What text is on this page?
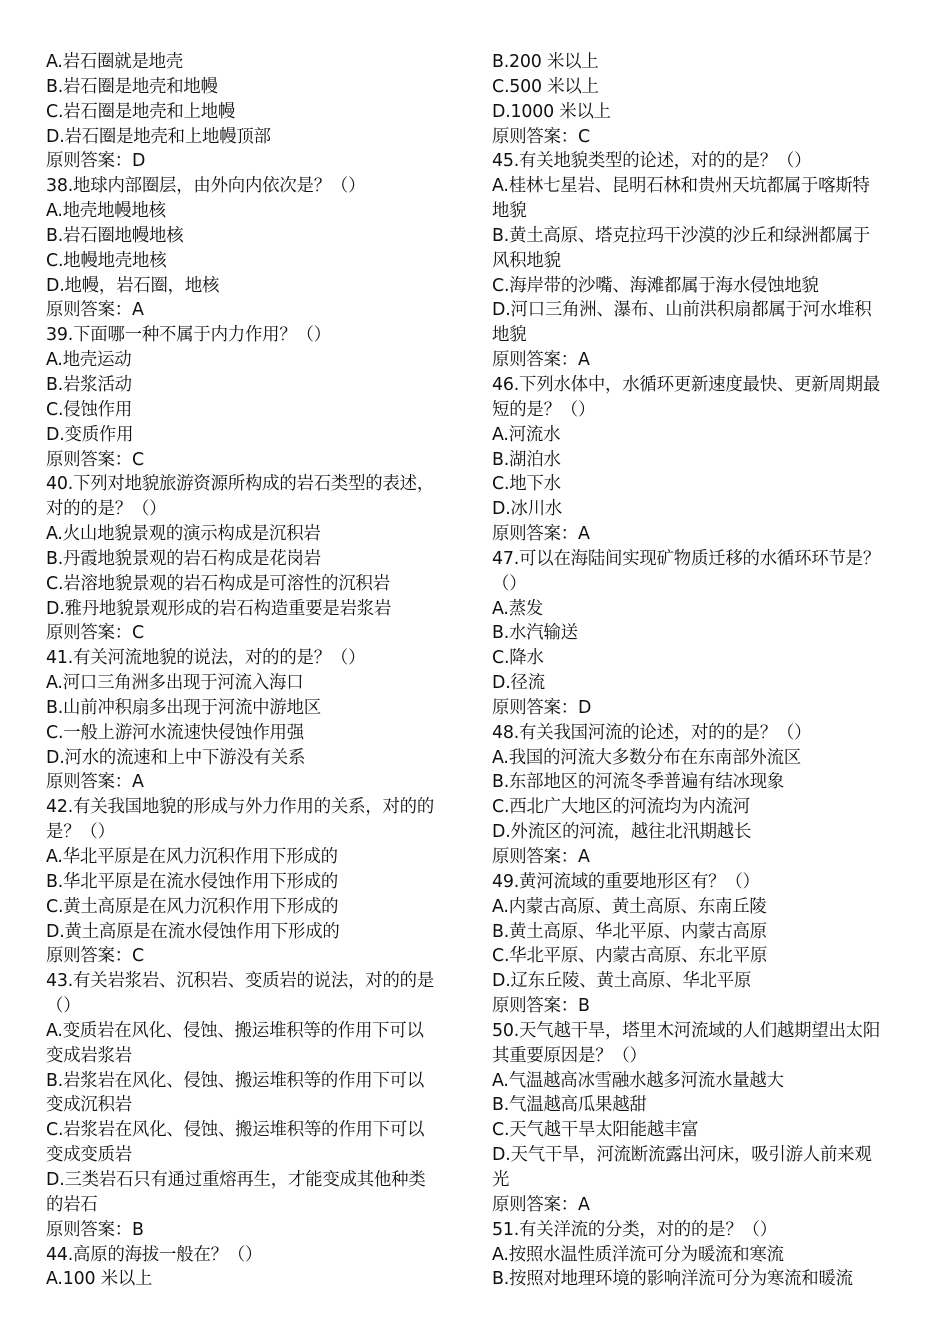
A.岩石圈就是地壳
B.岩石圈是地壳和地幔
C.岩石圈是地壳和上地幔
D.岩石圈是地壳和上地幔顶部
原则答案：D
38.地球内部圈层，由外向内依次是？（）
A.地壳地幔地核
B.岩石圈地幔地核
C.地幔地壳地核
D.地幔，岩石圈，地核
原则答案：A
39.下面哪一种不属于内力作用？（）
A.地壳运动
B.岩浆活动
C.侵蚀作用
D.变质作用
原则答案：C
40.下列对地貌旅游资源所构成的岩石类型的表述，
对的的是？（）
A.火山地貌景观的演示构成是沉积岩
B.丹霞地貌景观的岩石构成是花岗岩
C.岩溶地貌景观的岩石构成是可溶性的沉积岩
D.雅丹地貌景观形成的岩石构造重要是岩浆岩
原则答案：C
41.有关河流地貌的说法，对的的是？（）
A.河口三角洲多出现于河流入海口
B.山前冲积扇多出现于河流中游地区
C.一般上游河水流速快侵蚀作用强
D.河水的流速和上中下游没有关系
原则答案：A
42.有关我国地貌的形成与外力作用的关系，对的的
是？（）
A.华北平原是在风力沉积作用下形成的
B.华北平原是在流水侵蚀作用下形成的
C.黄土高原是在风力沉积作用下形成的
D.黄土高原是在流水侵蚀作用下形成的
原则答案：C
43.有关岩浆岩、沉积岩、变质岩的说法，对的的是
（）
A.变质岩在风化、侵蚀、搬运堆积等的作用下可以
变成岩浆岩
B.岩浆岩在风化、侵蚀、搬运堆积等的作用下可以
变成沉积岩
C.岩浆岩在风化、侵蚀、搬运堆积等的作用下可以
变成变质岩
D.三类岩石只有通过重熔再生，才能变成其他种类
的岩石
原则答案：B
44.高原的海拔一般在？（）
A.100 米以上
B.200 米以上
C.500 米以上
D.1000 米以上
原则答案：C
45.有关地貌类型的论述，对的的是？（）
A.桂林七星岩、昆明石林和贵州天坑都属于喀斯特
地貌
B.黄土高原、塔克拉玛干沙漠的沙丘和绿洲都属于
风积地貌
C.海岸带的沙嘴、海滩都属于海水侵蚀地貌
D.河口三角洲、瀑布、山前洪积扇都属于河水堆积
地貌
原则答案：A
46.下列水体中，水循环更新速度最快、更新周期最
短的是？（）
A.河流水
B.湖泊水
C.地下水
D.冰川水
原则答案：A
47.可以在海陆间实现矿物质迁移的水循环环节是？
（）
A.蒸发
B.水汽输送
C.降水
D.径流
原则答案：D
48.有关我国河流的论述，对的的是？（）
A.我国的河流大多数分布在东南部外流区
B.东部地区的河流冬季普遍有结冰现象
C.西北广大地区的河流均为内流河
D.外流区的河流，越往北汛期越长
原则答案：A
49.黄河流域的重要地形区有？（）
A.内蒙古高原、黄土高原、东南丘陵
B.黄土高原、华北平原、内蒙古高原
C.华北平原、内蒙古高原、东北平原
D.辽东丘陵、黄土高原、华北平原
原则答案：B
50.天气越干旱，塔里木河流域的人们越期望出太阳
其重要原因是？（）
A.气温越高冰雪融水越多河流水量越大
B.气温越高瓜果越甜
C.天气越干旱太阳能越丰富
D.天气干旱，河流断流露出河床，吸引游人前来观
光
原则答案：A
51.有关洋流的分类，对的的是？（）
A.按照水温性质洋流可分为暖流和寒流
B.按照对地理环境的影响洋流可分为寒流和暖流
